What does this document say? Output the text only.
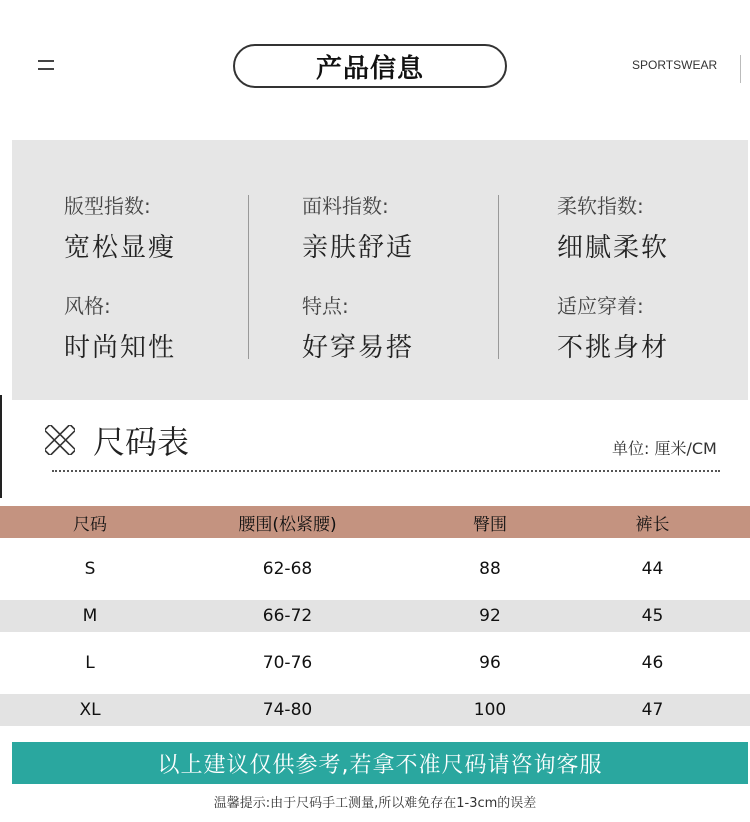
产品信息	SPORTSWEAR
版型指数:
宽松显瘦
风格:
时尚知性
面料指数:
亲肤舒适
特点:
好穿易搭
柔软指数:
细腻柔软
适应穿着:
不挑身材
尺码表	单位: 厘米/CM
尺码	腰围(松紧腰)	臀围	裤长
S	62-68	88	44
M	66-72	92	45
L	70-76	96	46
XL	74-80	100	47
以上建议仅供参考,若拿不准尺码请咨询客服
温馨提示:由于尺码手工测量,所以难免存在1-3cm的误差
